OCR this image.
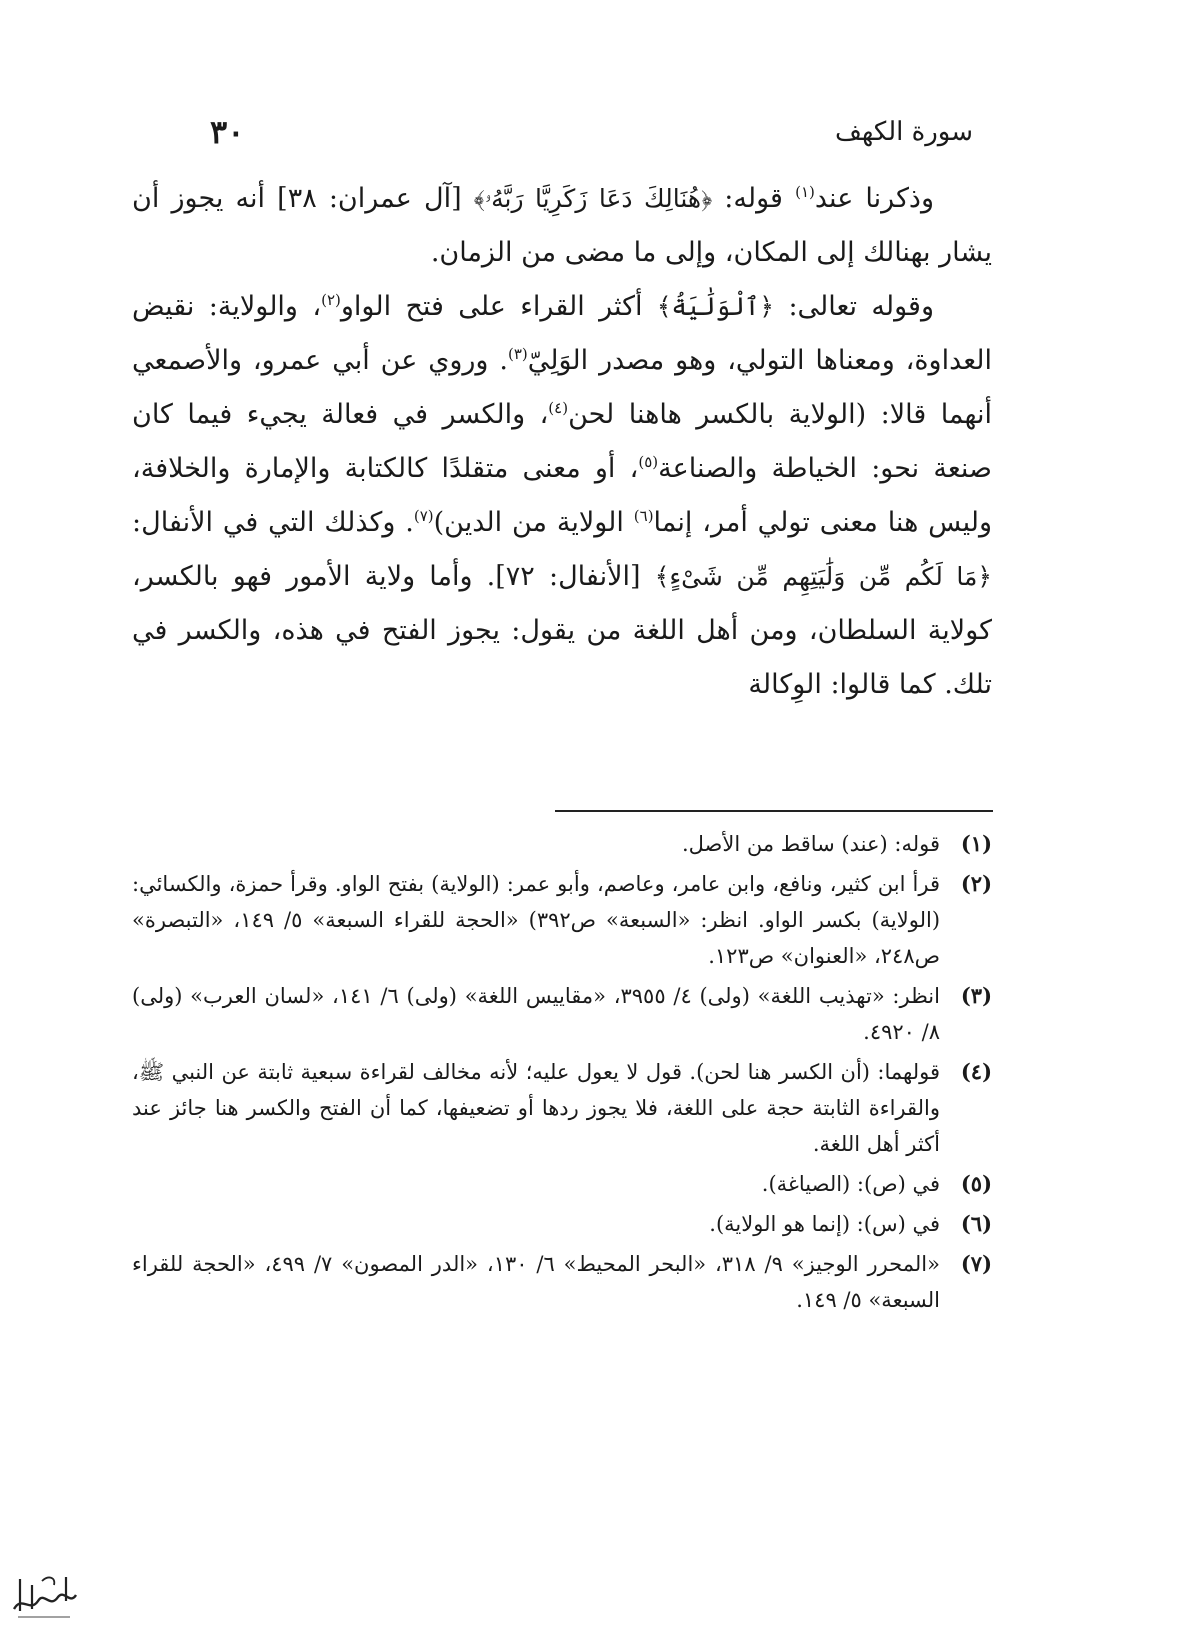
سورة الكهف
٣٠

وذكرنا عند$^{(١)}$ قوله: ﴿هُنَالِكَ دَعَا زَكَرِيَّا رَبَّهُۥ﴾ [آل عمران: ٣٨] أنه يجوز أن يشار بهنالك إلى المكان، وإلى ما مضى من الزمان.

وقوله تعالى: ﴿ٱلْوَلَٰيَةُ﴾ أكثر القراء على فتح الواو$^{(٢)}$، والولاية: نقيض العداوة، ومعناها التولي، وهو مصدر الوَلِيّ$^{(٣)}$. وروي عن أبي عمرو، والأصمعي أنهما قالا: (الولاية بالكسر هاهنا لحن$^{(٤)}$، والكسر في فعالة يجيء فيما كان صنعة نحو: الخياطة والصناعة$^{(٥)}$، أو معنى متقلدًا كالكتابة والإمارة والخلافة، وليس هنا معنى تولي أمر، إنما$^{(٦)}$ الولاية من الدين)$^{(٧)}$. وكذلك التي في الأنفال: ﴿مَا لَكُم مِّن وَلَٰيَتِهِم مِّن شَىْءٍ﴾ [الأنفال: ٧٢]. وأما ولاية الأمور فهو بالكسر، كولاية السلطان، ومن أهل اللغة من يقول: يجوز الفتح في هذه، والكسر في تلك. كما قالوا: الوِكالة

(١)
قوله: (عند) ساقط من الأصل.
(٢)
قرأ ابن كثير، ونافع، وابن عامر، وعاصم، وأبو عمر: (الولاية) بفتح الواو. وقرأ حمزة، والكسائي: (الولاية) بكسر الواو. انظر: «السبعة» ص٣٩٢) «الحجة للقراء السبعة» ٥/ ١٤٩، «التبصرة» ص٢٤٨، «العنوان» ص١٢٣.
(٣)
انظر: «تهذيب اللغة» (ولى) ٤/ ٣٩٥٥، «مقاييس اللغة» (ولى) ٦/ ١٤١، «لسان العرب» (ولى) ٨/ ٤٩٢٠.
(٤)
قولهما: (أن الكسر هنا لحن). قول لا يعول عليه؛ لأنه مخالف لقراءة سبعية ثابتة عن النبي ﷺ، والقراءة الثابتة حجة على اللغة، فلا يجوز ردها أو تضعيفها، كما أن الفتح والكسر هنا جائز عند أكثر أهل اللغة.
(٥)
في (ص): (الصياغة).
(٦)
في (س): (إنما هو الولاية).
(٧)
«المحرر الوجيز» ٩/ ٣١٨، «البحر المحيط» ٦/ ١٣٠، «الدر المصون» ٧/ ٤٩٩، «الحجة للقراء السبعة» ٥/ ١٤٩.
